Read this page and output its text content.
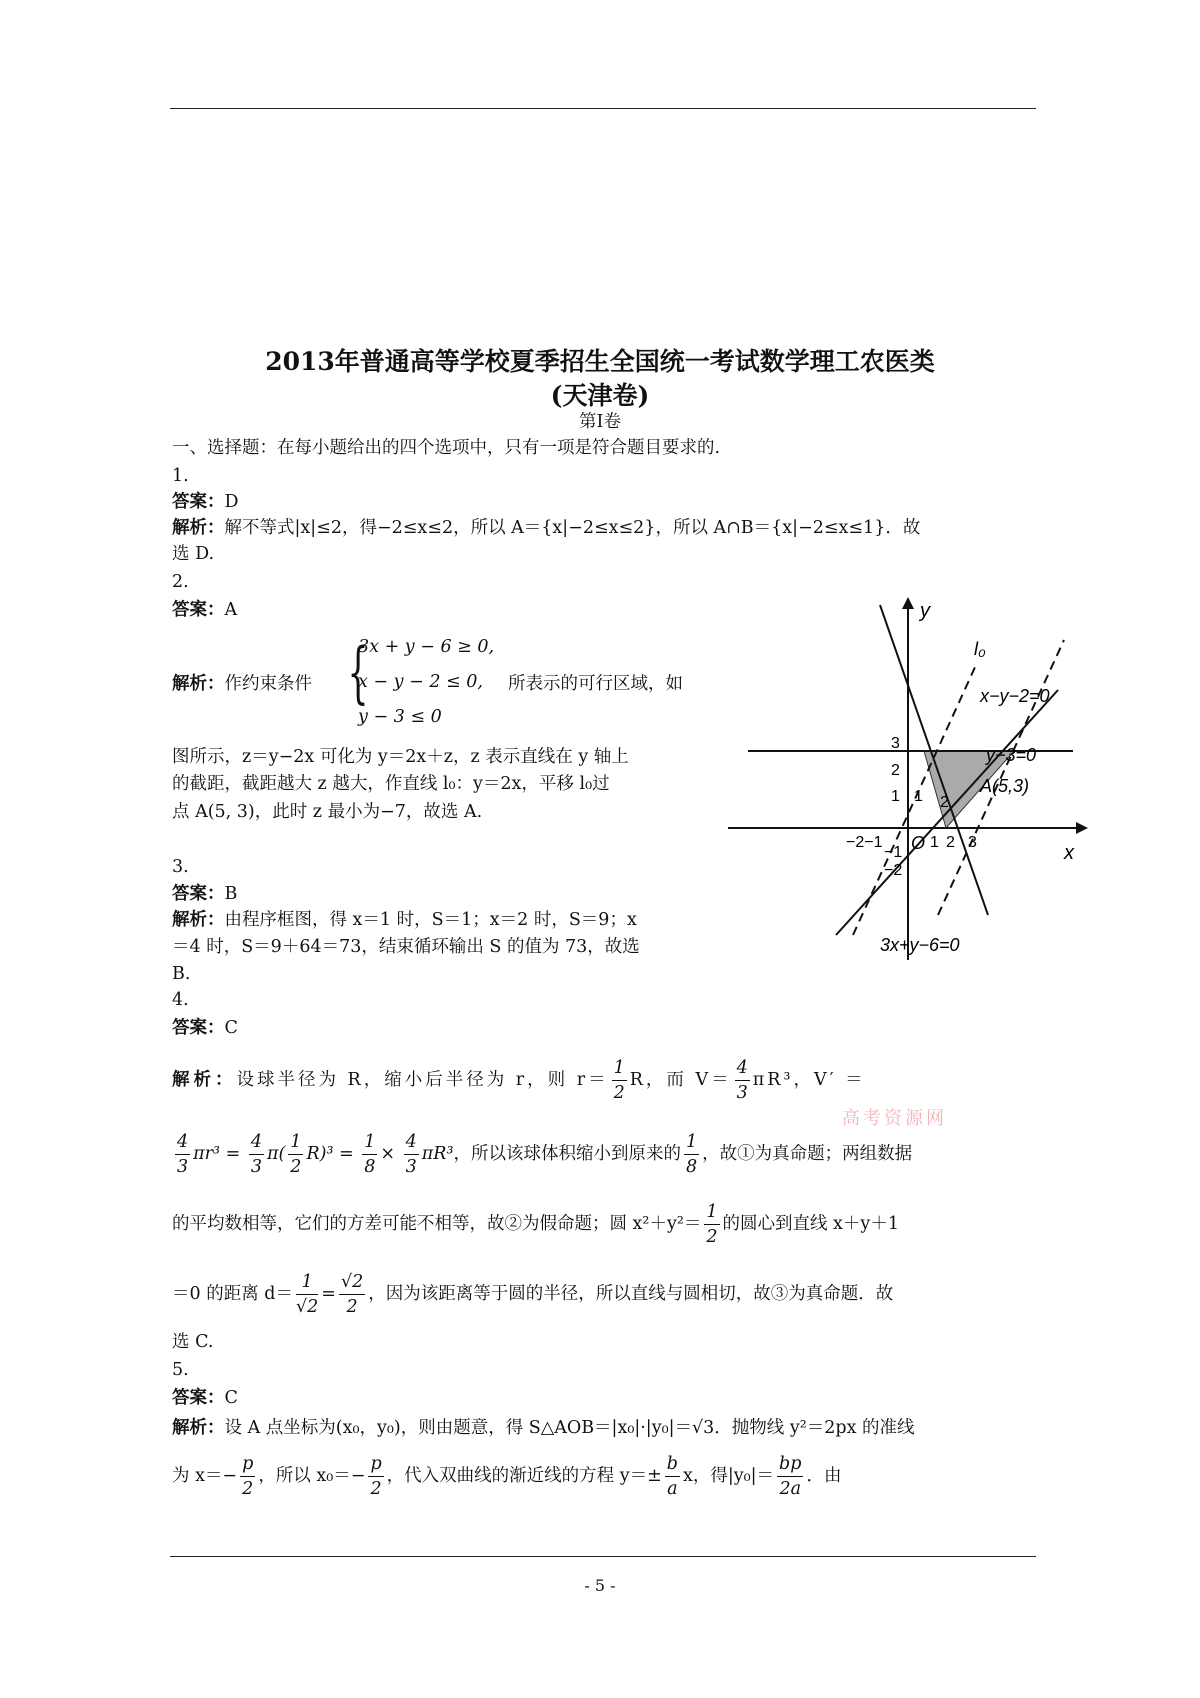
2013年普通高等学校夏季招生全国统一考试数学理工农医类
(天津卷)
第Ⅰ卷
一、选择题：在每小题给出的四个选项中，只有一项是符合题目要求的.
1.
答案：D
解析：解不等式|x|≤2，得−2≤x≤2，所以 A＝{x|−2≤x≤2}，所以 A∩B＝{x|−2≤x≤1}．故
选 D.
2.
答案：A
解析：作约束条件 {
3x + y − 6 ≥ 0,
x − y − 2 ≤ 0,
y − 3 ≤ 0
所表示的可行区域，如
图所示，z＝y−2x 可化为 y＝2x＋z，z 表示直线在 y 轴上
的截距，截距越大 z 越大，作直线 l₀：y＝2x，平移 l₀过
点 A(5, 3)，此时 z 最小为−7，故选 A.
y
x
O
l₀
x−y−2=0
y−3=0
A(5,3)
3x+y−6=0
3
2
1 1 2
−2−1
−1
−2
1 2 3
3.
答案：B
解析：由程序框图，得 x＝1 时，S＝1；x＝2 时，S＝9；x
＝4 时，S＝9＋64＝73，结束循环输出 S 的值为 73，故选
B.
4.
答案：C
解析：设球半径为 R，缩小后半径为 r，则 $r= \frac{1}{2}$ R，而 $V= \frac{4}{3} \pi R^3$，V′ ＝
$\frac{4}{3} \pi r^3 = \frac{4}{3} \pi( \frac{1}{2} R)^3 = \frac{1}{8} \times \frac{4}{3} \pi R^3$，所以该球体积缩小到原来的 $\frac{1}{8}$ ，故①为真命题；两组数据
高考资源网
的平均数相等，它们的方差可能不相等，故②为假命题；圆 $x^2+y^2= \frac{1}{2}$ 的圆心到直线 x＋y＋1
＝0 的距离 $d= \frac{1}{√2} = \frac{√2}{2}$ ，因为该距离等于圆的半径，所以直线与圆相切，故③为真命题．故
选 C.
5.
答案：C
解析：设 A 点坐标为(x₀，y₀)，则由题意，得 S△AOB＝|x₀|·|y₀|＝√3．抛物线 y²＝2px 的准线
为 $x=- \frac{p}{2}$ ，所以 $x_0=- \frac{p}{2}$ ，代入双曲线的渐近线的方程 $y=\pm \frac{b}{a}$ x，得$|y_0|= \frac{bp}{2a}$ ．由
- 5 -
